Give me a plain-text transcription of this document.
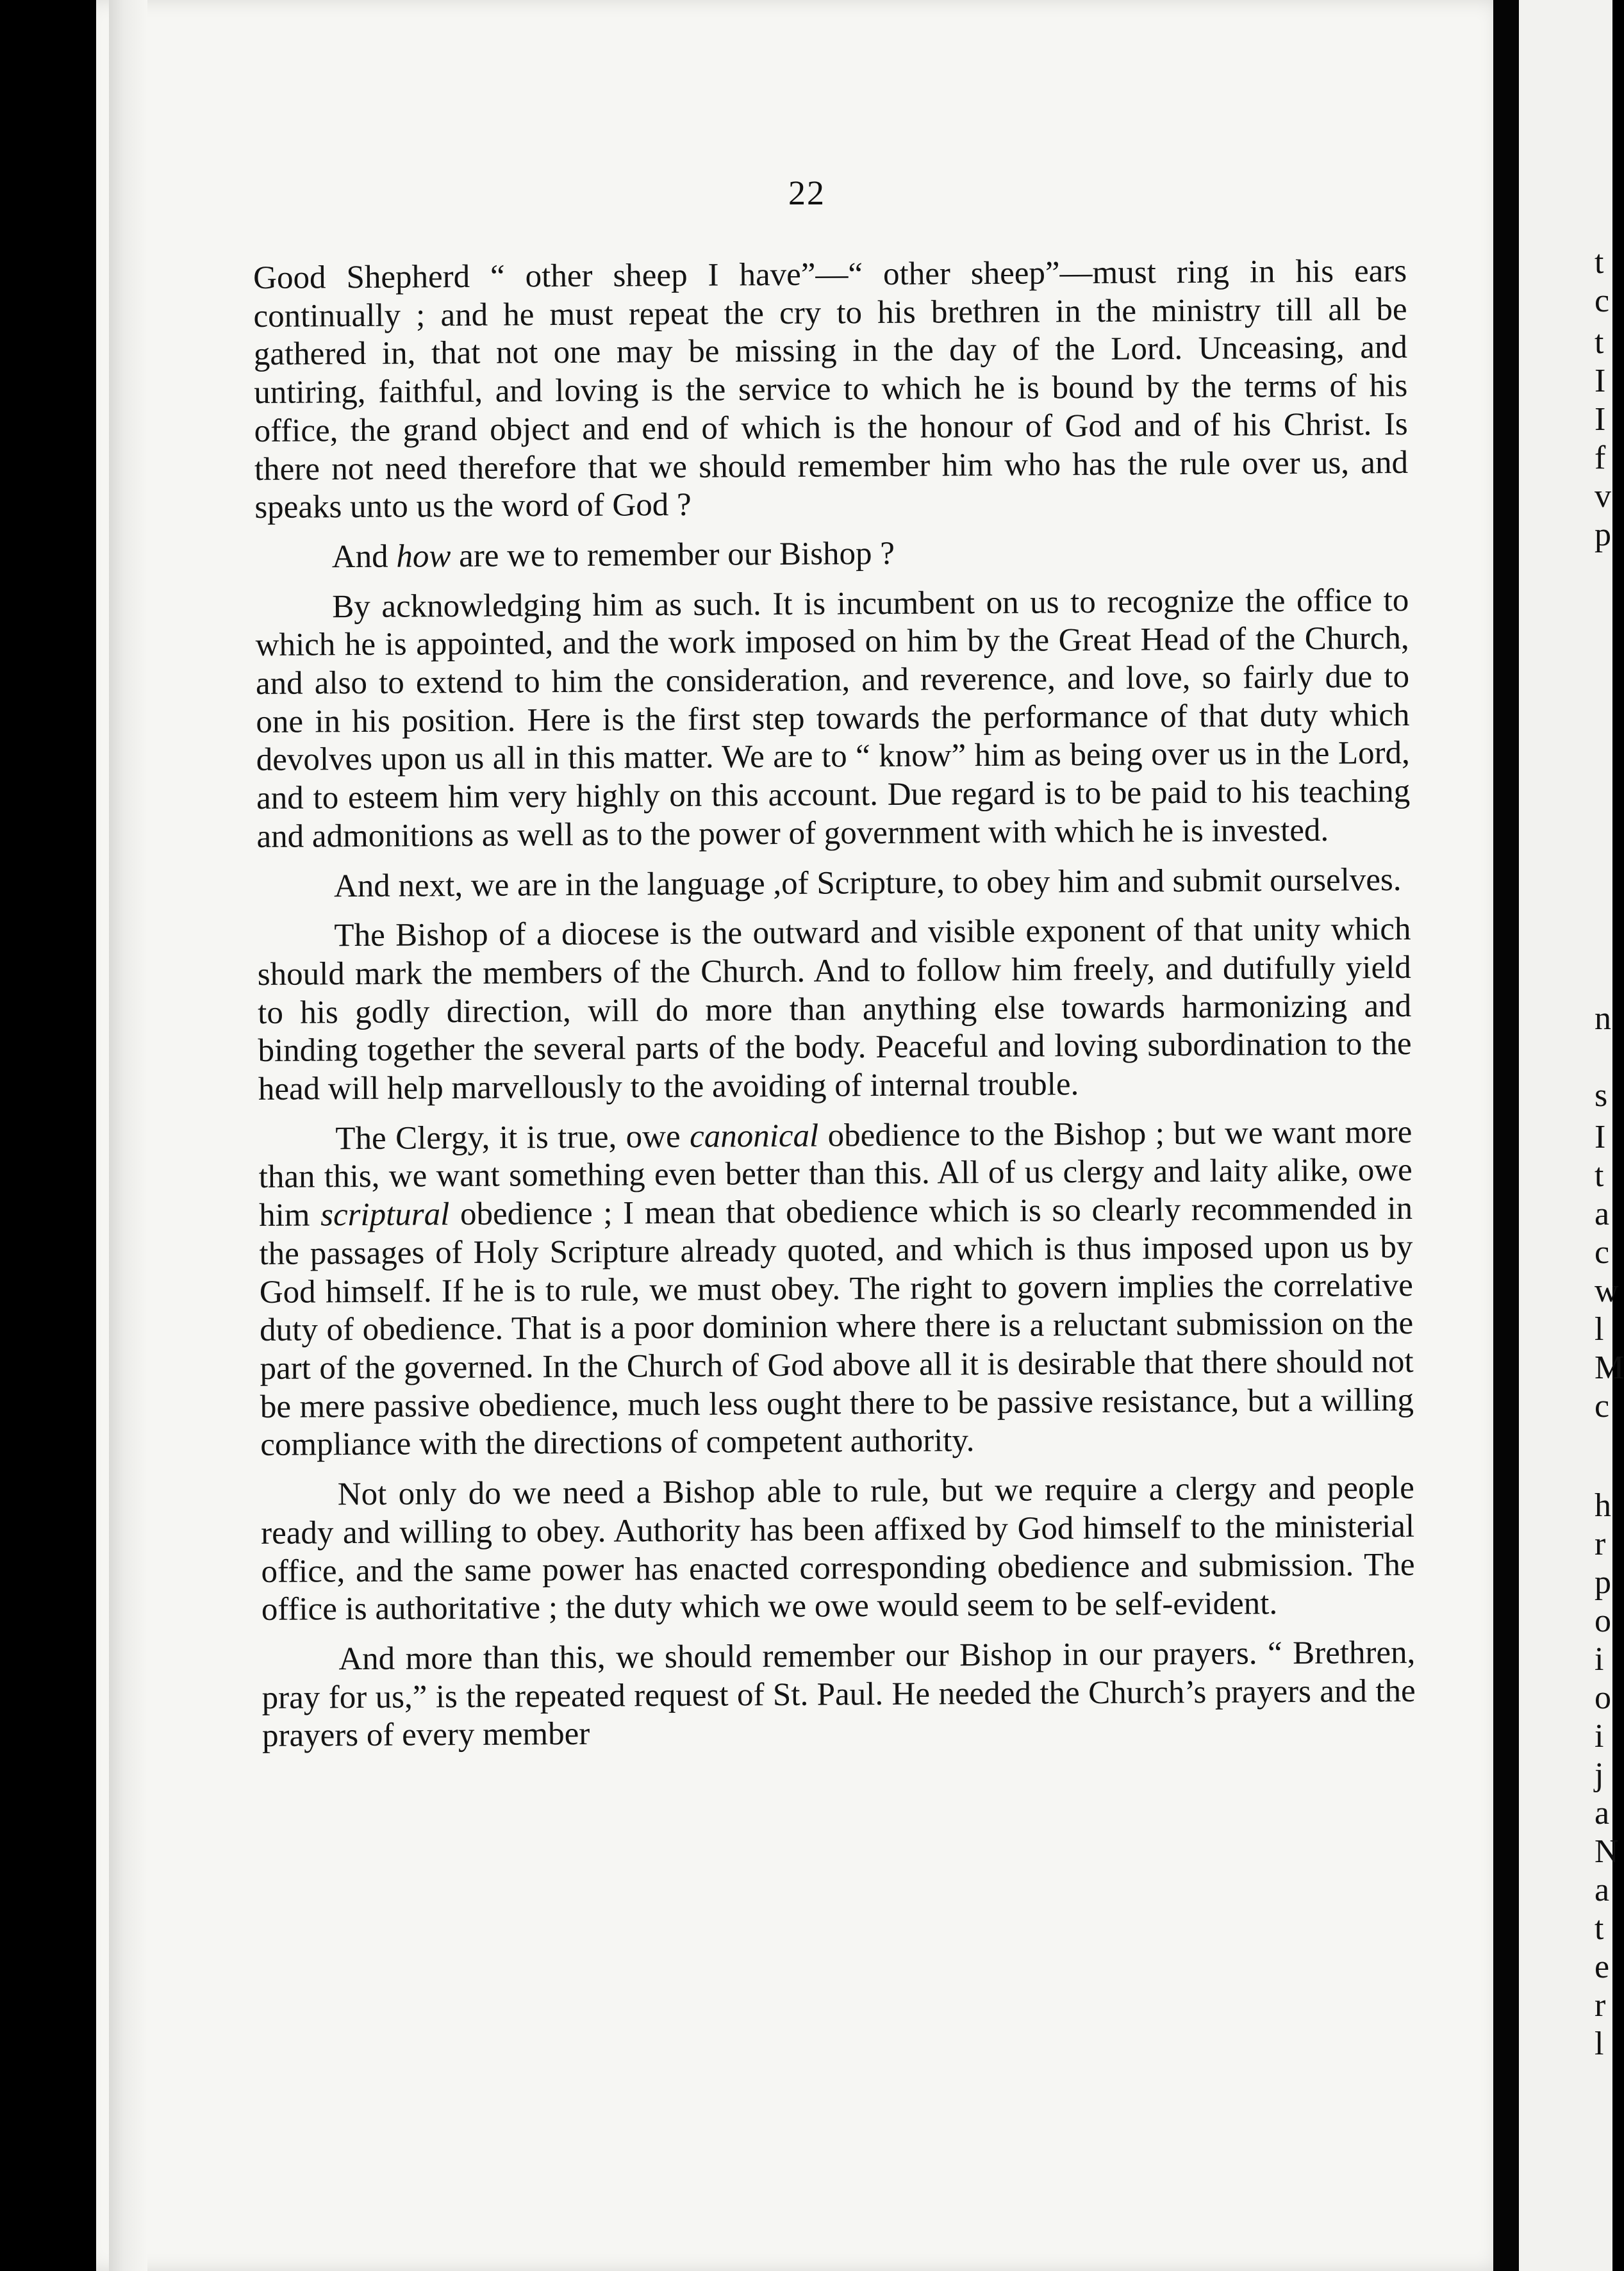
t
c
t
I
I
f
v
p
n
s
I
t
a
c
w
l
M
c
h
r
p
o
i
o
i
j
a
N
a
t
e
r
l
22

Good Shepherd “ other sheep I have”—“ other sheep”—must ring in his ears continually ; and he must repeat the cry to his brethren in the ministry till all be gathered in, that not one may be missing in the day of the Lord. Unceasing, and untiring, faithful, and loving is the service to which he is bound by the terms of his office, the grand object and end of which is the honour of God and of his Christ. Is there not need therefore that we should remember him who has the rule over us, and speaks unto us the word of God ?

And how are we to remember our Bishop ?

By acknowledging him as such. It is incumbent on us to recognize the office to which he is appointed, and the work imposed on him by the Great Head of the Church, and also to extend to him the consideration, and reverence, and love, so fairly due to one in his position. Here is the first step towards the performance of that duty which devolves upon us all in this matter. We are to “ know” him as being over us in the Lord, and to esteem him very highly on this account. Due regard is to be paid to his teaching and admonitions as well as to the power of government with which he is invested.

And next, we are in the language ,of Scripture, to obey him and submit ourselves.

The Bishop of a diocese is the outward and visible exponent of that unity which should mark the members of the Church. And to follow him freely, and dutifully yield to his godly direction, will do more than anything else towards harmonizing and binding together the several parts of the body. Peaceful and loving subordination to the head will help marvellously to the avoiding of internal trouble.

The Clergy, it is true, owe canonical obedience to the Bishop ; but we want more than this, we want something even better than this. All of us clergy and laity alike, owe him scriptural obedience ; I mean that obedience which is so clearly recommended in the passages of Holy Scripture already quoted, and which is thus imposed upon us by God himself. If he is to rule, we must obey. The right to govern implies the correlative duty of obedience. That is a poor dominion where there is a reluctant submission on the part of the governed. In the Church of God above all it is desirable that there should not be mere passive obedience, much less ought there to be passive resistance, but a willing compliance with the directions of competent authority.

Not only do we need a Bishop able to rule, but we require a clergy and people ready and willing to obey. Authority has been affixed by God himself to the ministerial office, and the same power has enacted corresponding obedience and submission. The office is authoritative ; the duty which we owe would seem to be self-evident.

And more than this, we should remember our Bishop in our prayers. “ Brethren, pray for us,” is the repeated request of St. Paul. He needed the Church’s prayers and the prayers of every member
